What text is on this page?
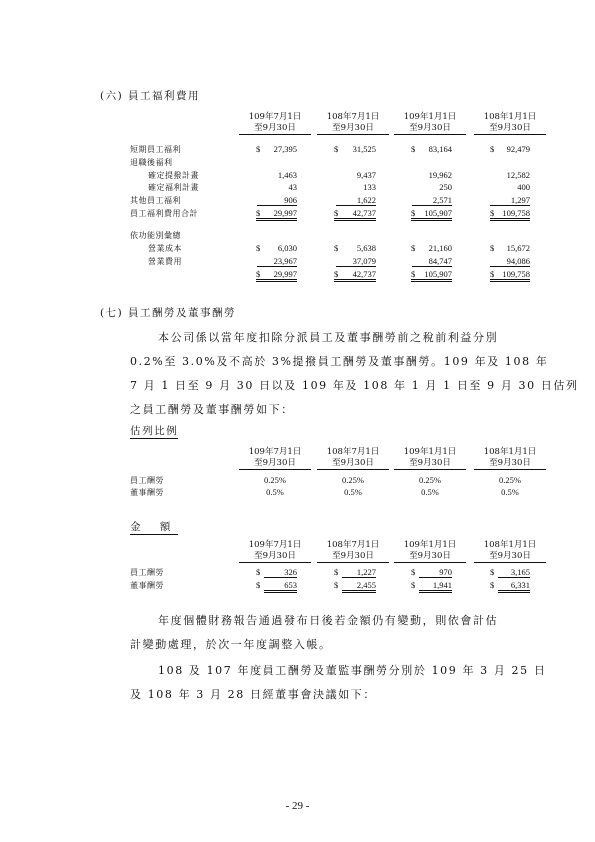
(六) 員工福利費用
109年7月1日
至9月30日
108年7月1日
至9月30日
109年1月1日
至9月30日
108年1月1日
至9月30日
短期員工福利	$	27,395	$	31,525	$	83,164	$	92,479
退職後福利
確定提撥計畫	1,463	9,437	19,962	12,582
確定福利計畫	43	133	250	400
其他員工福利	906	1,622	2,571	1,297
員工福利費用合計	$	29,997	$	42,737	$	105,907	$ 109,758
依功能別彙總
營業成本	$	6,030	$	5,638	$	21,160	$	15,672
營業費用	23,967	37,079	84,747	94,086
$	29,997	$	42,737	$	105,907	$ 109,758
(七) 員工酬勞及董事酬勞
本公司係以當年度扣除分派員工及董事酬勞前之稅前利益分別
0.2%至 3.0%及不高於 3%提撥員工酬勞及董事酬勞。109 年及 108 年
7 月 1 日至 9 月 30 日以及 109 年及 108 年 1 月 1 日至 9 月 30 日估列
之員工酬勞及董事酬勞如下：
估列比例
109年7月1日
至9月30日
108年7月1日
至9月30日
109年1月1日
至9月30日
108年1月1日
至9月30日
員工酬勞	0.25%	0.25%	0.25%	0.25%
董事酬勞	0.5%	0.5%	0.5%	0.5%
金 額
109年7月1日
至9月30日
108年7月1日
至9月30日
109年1月1日
至9月30日
108年1月1日
至9月30日
員工酬勞	$	326	$	1,227	$	970	$	3,165
董事酬勞	$	653	$	2,455	$	1,941	$	6,331
年度個體財務報告通過發布日後若金額仍有變動，則依會計估
計變動處理，於次一年度調整入帳。
108 及 107 年度員工酬勞及董監事酬勞分別於 109 年 3 月 25 日
及 108 年 3 月 28 日經董事會決議如下：
- 29 -
